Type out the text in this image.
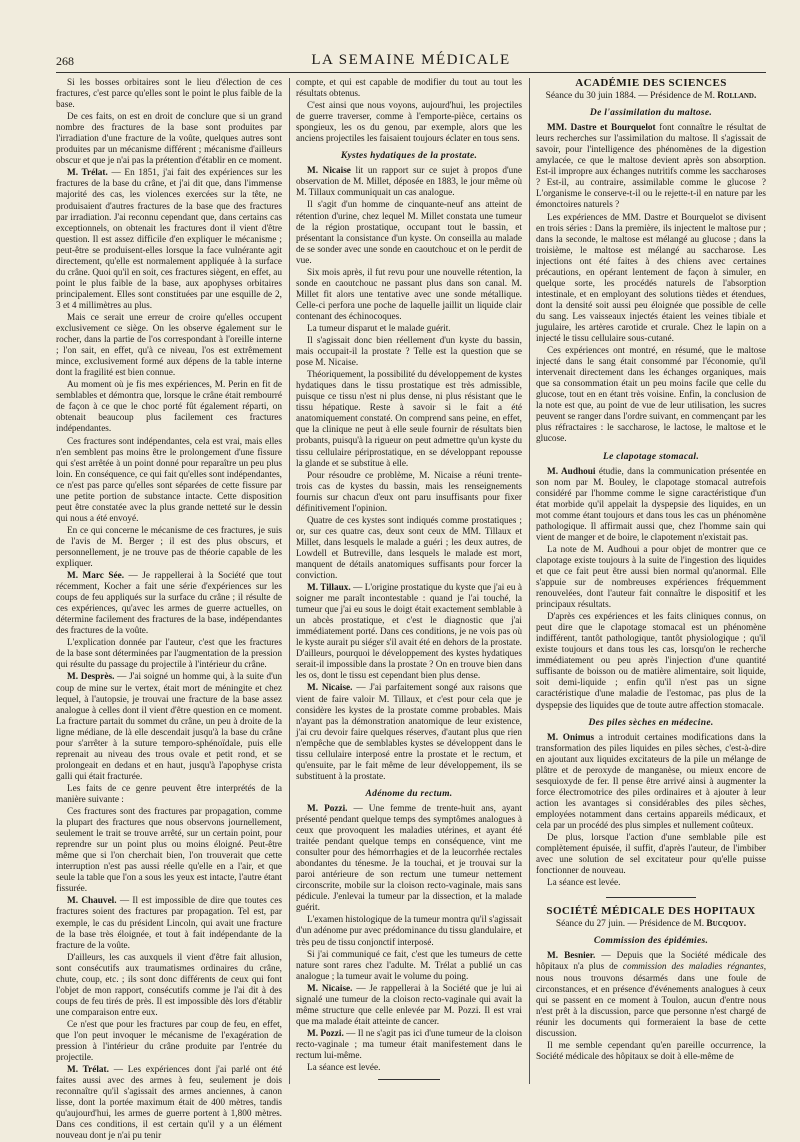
268	LA SEMAINE MÉDICALE

Si les bosses orbitaires sont le lieu d'élection de ces fractures, c'est parce qu'elles sont le point le plus faible de la base.

De ces faits, on est en droit de conclure que si un grand nombre des fractures de la base sont produites par l'irradiation d'une fracture de la voûte, quelques autres sont produites par un mécanisme différent ; mécanisme d'ailleurs obscur et que je n'ai pas la prétention d'établir en ce moment.

M. Trélat. — En 1851, j'ai fait des expériences sur les fractures de la base du crâne, et j'ai dit que, dans l'immense majorité des cas, les violences exercées sur la tête, ne produisaient d'autres fractures de la base que des fractures par irradiation. J'ai reconnu cependant que, dans certains cas exceptionnels, on obtenait les fractures dont il vient d'être question. Il est assez difficile d'en expliquer le mécanisme ; peut-être se produisent-elles lorsque la face vulnérante agit directement, qu'elle est normalement appliquée à la surface du crâne. Quoi qu'il en soit, ces fractures siègent, en effet, au point le plus faible de la base, aux apophyses orbitaires principalement. Elles sont constituées par une esquille de 2, 3 et 4 millimètres au plus.

Mais ce serait une erreur de croire qu'elles occupent exclusivement ce siège. On les observe également sur le rocher, dans la partie de l'os correspondant à l'oreille interne ; l'on sait, en effet, qu'à ce niveau, l'os est extrêmement mince, exclusivement formé aux dépens de la table interne dont la fragilité est bien connue.

Au moment où je fis mes expériences, M. Perin en fit de semblables et démontra que, lorsque le crâne était rembourré de façon à ce que le choc porté fût également réparti, on obtenait beaucoup plus facilement ces fractures indépendantes.

Ces fractures sont indépendantes, cela est vrai, mais elles n'en semblent pas moins être le prolongement d'une fissure qui s'est arrêtée à un point donné pour reparaître un peu plus loin. En conséquence, ce qui fait qu'elles sont indépendantes, ce n'est pas parce qu'elles sont séparées de cette fissure par une petite portion de substance intacte. Cette disposition peut être constatée avec la plus grande netteté sur le dessin qui nous a été envoyé.

En ce qui concerne le mécanisme de ces fractures, je suis de l'avis de M. Berger ; il est des plus obscurs, et personnellement, je ne trouve pas de théorie capable de les expliquer.

M. Marc Sée. — Je rappellerai à la Société que tout récemment, Kocher a fait une série d'expériences sur les coups de feu appliqués sur la surface du crâne ; il résulte de ces expériences, qu'avec les armes de guerre actuelles, on détermine facilement des fractures de la base, indépendantes des fractures de la voûte.

L'explication donnée par l'auteur, c'est que les fractures de la base sont déterminées par l'augmentation de la pression qui résulte du passage du projectile à l'intérieur du crâne.

M. Desprès. — J'ai soigné un homme qui, à la suite d'un coup de mine sur le vertex, était mort de méningite et chez lequel, à l'autopsie, je trouvai une fracture de la base assez analogue à celles dont il vient d'être question en ce moment. La fracture partait du sommet du crâne, un peu à droite de la ligne médiane, de là elle descendait jusqu'à la base du crâne pour s'arrêter à la suture temporo-sphénoïdale, puis elle reprenait au niveau des trous ovale et petit rond, et se prolongeait en dedans et en haut, jusqu'à l'apophyse crista galli qui était fracturée.

Les faits de ce genre peuvent être interprétés de la manière suivante :

Ces fractures sont des fractures par propagation, comme la plupart des fractures que nous observons journellement, seulement le trait se trouve arrêté, sur un certain point, pour reprendre sur un point plus ou moins éloigné. Peut-être même que si l'on cherchait bien, l'on trouverait que cette interruption n'est pas aussi réelle qu'elle en a l'air, et que seule la table que l'on a sous les yeux est intacte, l'autre étant fissurée.

M. Chauvel. — Il est impossible de dire que toutes ces fractures soient des fractures par propagation. Tel est, par exemple, le cas du président Lincoln, qui avait une fracture de la base très éloignée, et tout à fait indépendante de la fracture de la voûte.

D'ailleurs, les cas auxquels il vient d'être fait allusion, sont consécutifs aux traumatismes ordinaires du crâne, chute, coup, etc. ; ils sont donc différents de ceux qui font l'objet de mon rapport, consécutifs comme je l'ai dit à des coups de feu tirés de près. Il est impossible dès lors d'établir une comparaison entre eux.

Ce n'est que pour les fractures par coup de feu, en effet, que l'on peut invoquer le mécanisme de l'exagération de pression à l'intérieur du crâne produite par l'entrée du projectile.

M. Trélat. — Les expériences dont j'ai parlé ont été faites aussi avec des armes à feu, seulement je dois reconnaître qu'il s'agissait des armes anciennes, à canon lisse, dont la portée maximum était de 400 mètres, tandis qu'aujourd'hui, les armes de guerre portent à 1,800 mètres. Dans ces conditions, il est certain qu'il y a un élément nouveau dont je n'ai pu tenir

compte, et qui est capable de modifier du tout au tout les résultats obtenus.

C'est ainsi que nous voyons, aujourd'hui, les projectiles de guerre traverser, comme à l'emporte-pièce, certains os spongieux, les os du genou, par exemple, alors que les anciens projectiles les faisaient toujours éclater en tous sens.

Kystes hydatiques de la prostate.

M. Nicaise lit un rapport sur ce sujet à propos d'une observation de M. Millet, déposée en 1883, le jour même où M. Tillaux communiquait un cas analogue.

Il s'agit d'un homme de cinquante-neuf ans atteint de rétention d'urine, chez lequel M. Millet constata une tumeur de la région prostatique, occupant tout le bassin, et présentant la consistance d'un kyste. On conseilla au malade de se sonder avec une sonde en caoutchouc et on le perdit de vue.

Six mois après, il fut revu pour une nouvelle rétention, la sonde en caoutchouc ne passant plus dans son canal. M. Millet fit alors une tentative avec une sonde métallique. Celle-ci perfora une poche de laquelle jaillit un liquide clair contenant des échinocoques.

La tumeur disparut et le malade guérit.

Il s'agissait donc bien réellement d'un kyste du bassin, mais occupait-il la prostate ? Telle est la question que se pose M. Nicaise.

Théoriquement, la possibilité du développement de kystes hydatiques dans le tissu prostatique est très admissible, puisque ce tissu n'est ni plus dense, ni plus résistant que le tissu hépatique. Reste à savoir si le fait a été anatomiquement constaté. On comprend sans peine, en effet, que la clinique ne peut à elle seule fournir de résultats bien probants, puisqu'à la rigueur on peut admettre qu'un kyste du tissu cellulaire périprostatique, en se développant repousse la glande et se substitue à elle.

Pour résoudre ce problème, M. Nicaise a réuni trente-trois cas de kystes du bassin, mais les renseignements fournis sur chacun d'eux ont paru insuffisants pour fixer définitivement l'opinion.

Quatre de ces kystes sont indiqués comme prostatiques ; or, sur ces quatre cas, deux sont ceux de MM. Tillaux et Millet, dans lesquels le malade a guéri ; les deux autres, de Lowdell et Butreville, dans lesquels le malade est mort, manquent de détails anatomiques suffisants pour forcer la conviction.

M. Tillaux. — L'origine prostatique du kyste que j'ai eu à soigner me paraît incontestable : quand je l'ai touché, la tumeur que j'ai eu sous le doigt était exactement semblable à un abcès prostatique, et c'est le diagnostic que j'ai immédiatement porté. Dans ces conditions, je ne vois pas où le kyste aurait pu siéger s'il avait été en dehors de la prostate. D'ailleurs, pourquoi le développement des kystes hydatiques serait-il impossible dans la prostate ? On en trouve bien dans les os, dont le tissu est cependant bien plus dense.

M. Nicaise. — J'ai parfaitement songé aux raisons que vient de faire valoir M. Tillaux, et c'est pour cela que je considère les kystes de la prostate comme probables. Mais n'ayant pas la démonstration anatomique de leur existence, j'ai cru devoir faire quelques réserves, d'autant plus que rien n'empêche que de semblables kystes se développent dans le tissu cellulaire interposé entre la prostate et le rectum, et qu'ensuite, par le fait même de leur développement, ils se substituent à la prostate.

Adénome du rectum.

M. Pozzi. — Une femme de trente-huit ans, ayant présenté pendant quelque temps des symptômes analogues à ceux que provoquent les maladies utérines, et ayant été traitée pendant quelque temps en conséquence, vint me consulter pour des hémorrhagies et de la leucorrhée rectales abondantes du ténesme. Je la touchai, et je trouvai sur la paroi antérieure de son rectum une tumeur nettement circonscrite, mobile sur la cloison recto-vaginale, mais sans pédicule. J'enlevai la tumeur par la dissection, et la malade guérit.

L'examen histologique de la tumeur montra qu'il s'agissait d'un adénome pur avec prédominance du tissu glandulaire, et très peu de tissu conjonctif interposé.

Si j'ai communiqué ce fait, c'est que les tumeurs de cette nature sont rares chez l'adulte. M. Trélat a publié un cas analogue ; la tumeur avait le volume du poing.

M. Nicaise. — Je rappellerai à la Société que je lui ai signalé une tumeur de la cloison recto-vaginale qui avait la même structure que celle enlevée par M. Pozzi. Il est vrai que ma malade était atteinte de cancer.

M. Pozzi. — Il ne s'agit pas ici d'une tumeur de la cloison recto-vaginale ; ma tumeur était manifestement dans le rectum lui-même.

La séance est levée.

ACADÉMIE DES SCIENCES
Séance du 30 juin 1884. — Présidence de M. Rolland.
De l'assimilation du maltose.

MM. Dastre et Bourquelot font connaître le résultat de leurs recherches sur l'assimilation du maltose. Il s'agissait de savoir, pour l'intelligence des phénomènes de la digestion amylacée, ce que le maltose devient après son absorption. Est-il impropre aux échanges nutritifs comme les saccharoses ? Est-il, au contraire, assimilable comme le glucose ? L'organisme le conserve-t-il ou le rejette-t-il en nature par les émonctoires naturels ?

Les expériences de MM. Dastre et Bourquelot se divisent en trois séries : Dans la première, ils injectent le maltose pur ; dans la seconde, le maltose est mélangé au glucose ; dans la troisième, le maltose est mélangé au saccharose. Les injections ont été faites à des chiens avec certaines précautions, en opérant lentement de façon à simuler, en quelque sorte, les procédés naturels de l'absorption intestinale, et en employant des solutions tièdes et étendues, dont la densité soit aussi peu éloignée que possible de celle du sang. Les vaisseaux injectés étaient les veines tibiale et jugulaire, les artères carotide et crurale. Chez le lapin on a injecté le tissu cellulaire sous-cutané.

Ces expériences ont montré, en résumé, que le maltose injecté dans le sang était consommé par l'économie, qu'il intervenait directement dans les échanges organiques, mais que sa consommation était un peu moins facile que celle du glucose, tout en en étant très voisine. Enfin, la conclusion de la note est que, au point de vue de leur utilisation, les sucres peuvent se ranger dans l'ordre suivant, en commençant par les plus réfractaires : le saccharose, le lactose, le maltose et le glucose.

Le clapotage stomacal.

M. Audhoui étudie, dans la communication présentée en son nom par M. Bouley, le clapotage stomacal autrefois considéré par l'homme comme le signe caractéristique d'un état morbide qu'il appelait la dyspepsie des liquides, en un mot comme étant toujours et dans tous les cas un phénomène pathologique. Il affirmait aussi que, chez l'homme sain qui vient de manger et de boire, le clapotement n'existait pas.

La note de M. Audhoui a pour objet de montrer que ce clapotage existe toujours à la suite de l'ingestion des liquides et que ce fait peut être aussi bien normal qu'anormal. Elle s'appuie sur de nombreuses expériences fréquemment renouvelées, dont l'auteur fait connaître le dispositif et les principaux résultats.

D'après ces expériences et les faits cliniques connus, on peut dire que le clapotage stomacal est un phénomène indifférent, tantôt pathologique, tantôt physiologique ; qu'il existe toujours et dans tous les cas, lorsqu'on le recherche immédiatement ou peu après l'injection d'une quantité suffisante de boisson ou de matière alimentaire, soit liquide, soit demi-liquide ; enfin qu'il n'est pas un signe caractéristique d'une maladie de l'estomac, pas plus de la dyspepsie des liquides que de toute autre affection stomacale.

Des piles sèches en médecine.

M. Onimus a introduit certaines modifications dans la transformation des piles liquides en piles sèches, c'est-à-dire en ajoutant aux liquides excitateurs de la pile un mélange de plâtre et de peroxyde de manganèse, ou mieux encore de sesquioxyde de fer. Il pense être arrivé ainsi à augmenter la force électromotrice des piles ordinaires et à ajouter à leur action les avantages si considérables des piles sèches, employées notamment dans certains appareils médicaux, et cela par un procédé des plus simples et nullement coûteux.

De plus, lorsque l'action d'une semblable pile est complètement épuisée, il suffit, d'après l'auteur, de l'imbiber avec une solution de sel excitateur pour qu'elle puisse fonctionner de nouveau.

La séance est levée.

SOCIÉTÉ MÉDICALE DES HOPITAUX
Séance du 27 juin. — Présidence de M. Bucquoy.
Commission des épidémies.

M. Besnier. — Depuis que la Société médicale des hôpitaux n'a plus de commission des maladies régnantes, nous nous trouvons désarmés dans une foule de circonstances, et en présence d'événements analogues à ceux qui se passent en ce moment à Toulon, aucun d'entre nous n'est prêt à la discussion, parce que personne n'est chargé de réunir les documents qui formeraient la base de cette discussion.

Il me semble cependant qu'en pareille occurrence, la Société médicale des hôpitaux se doit à elle-même de
